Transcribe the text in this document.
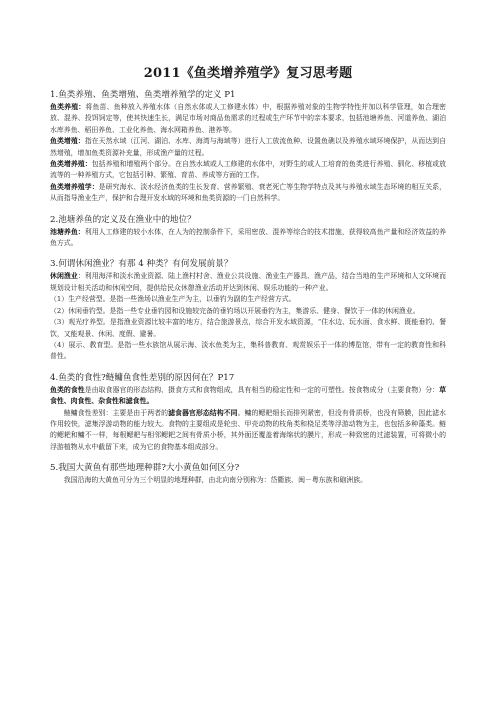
2011《鱼类增养殖学》复习思考题
1.鱼类养殖、鱼类增殖、鱼类增养殖学的定义 P1

鱼类养殖：将鱼苗、鱼种放入养殖水体（自然水体或人工修建水体）中，根据养殖对象的生物学特性并加以科学管理，如合理密放、混养、投饵饲定等，使其快速生长，满足市场对商品鱼需求的过程或生产环节中的亲本要求，包括池塘养鱼、河道养鱼、湖泊水库养鱼、稻田养鱼、工业化养鱼、海水网箱养鱼、港养等。

鱼类增殖：指在天然水域（江河、湖泊、水库、海湾与海域等）进行人工放流鱼种、设置鱼礁以及养殖水域环境保护，从而达到自然增殖，增加鱼类资源补充量，形成渔产量的过程。

鱼类增养殖：包括养殖和增殖两个部分。在自然水域或人工修建的水体中，对野生的或人工培育的鱼类进行养殖、驯化、移植或放流等的一种养殖方式，它包括引种、繁殖、育苗、养成等方面的工作。

鱼类增养殖学：是研究海水、淡水经济鱼类的生长发育、营养繁殖、衰老死亡等生物学特点及其与养殖水域生态环境的相互关系，从而指导渔业生产，保护和合理开发水域的环境和鱼类资源的一门自然科学。

2.池塘养鱼的定义及在渔业中的地位？

池塘养鱼：利用人工修建的较小水体，在人为的控制条件下，采用密放、混养等综合的技术措施，获得较高鱼产量和经济效益的养鱼方式。

3.何谓休闲渔业？有那 4 种类？有何发展前景？

休闲渔业：利用海洋和淡水渔业资源、陆上渔村村舍、渔业公共设施、渔业生产器具、渔产品，结合当地的生产环境和人文环境而规划设计相关活动和休闲空间，提供给民众休憩渔业活动并达到休闲、娱乐功能的一种产业。

（1）生产经营型。是指一些渔场以渔业生产为主，以垂钓为副的生产经营方式。

（2）休闲垂钓型。是指一些专业垂钓园和设施较完备的垂钓场以开展垂钓为主，集游乐、健身、餐饮于一体的休闲渔业。

（3）观光疗养型。是指渔业资源比较丰富的地方，结合旅游景点，综合开发水域资源，“住水边、玩水面、食水鲜、既能垂钓、餐饮，又能观景、休闲、度假、避暑。

（4）展示、教育型。是指一些水族馆从展示海、淡水鱼类为主，集科普教育、观赏娱乐于一体的博览馆，带有一定的教育性和科普性。

4.鱼类的食性?鲢鳙鱼食性差别的原因何在？P17

鱼类的食性是由取食器官的形态结构、摄食方式和食物组成，具有相当的稳定性和一定的可塑性。按食物成分（主要食物）分：草食性、肉食性、杂食性和滤食性。

鲢鳙食性差别：主要是由于两者的滤食器官形态结构不同。鳙的鳃耙细长而排列紧密，但没有骨质桥，也没有筛膜，因此滤水作用较快，滤集浮游动物的能力较大。食物的主要组成是轮虫、甲壳动物的枝角类和桡足类等浮游动物为主，也包括多种藻类。鲢的鳃耙和鳙不一样，每根鳃耙与相邻鳃耙之间有骨质小桥，其外面还覆盖着海绵状的膜片，形成一种致密的过滤装置，可将微小的浮游植物从水中截留下来，成为它的食物基本组成部分。

5.我国大黄鱼有那些地理种群?大小黄鱼如何区分?

我国沿海的大黄鱼可分为三个明显的地理种群，由北向南分别称为：岱衢族、闽－粤东族和硇洲族。
